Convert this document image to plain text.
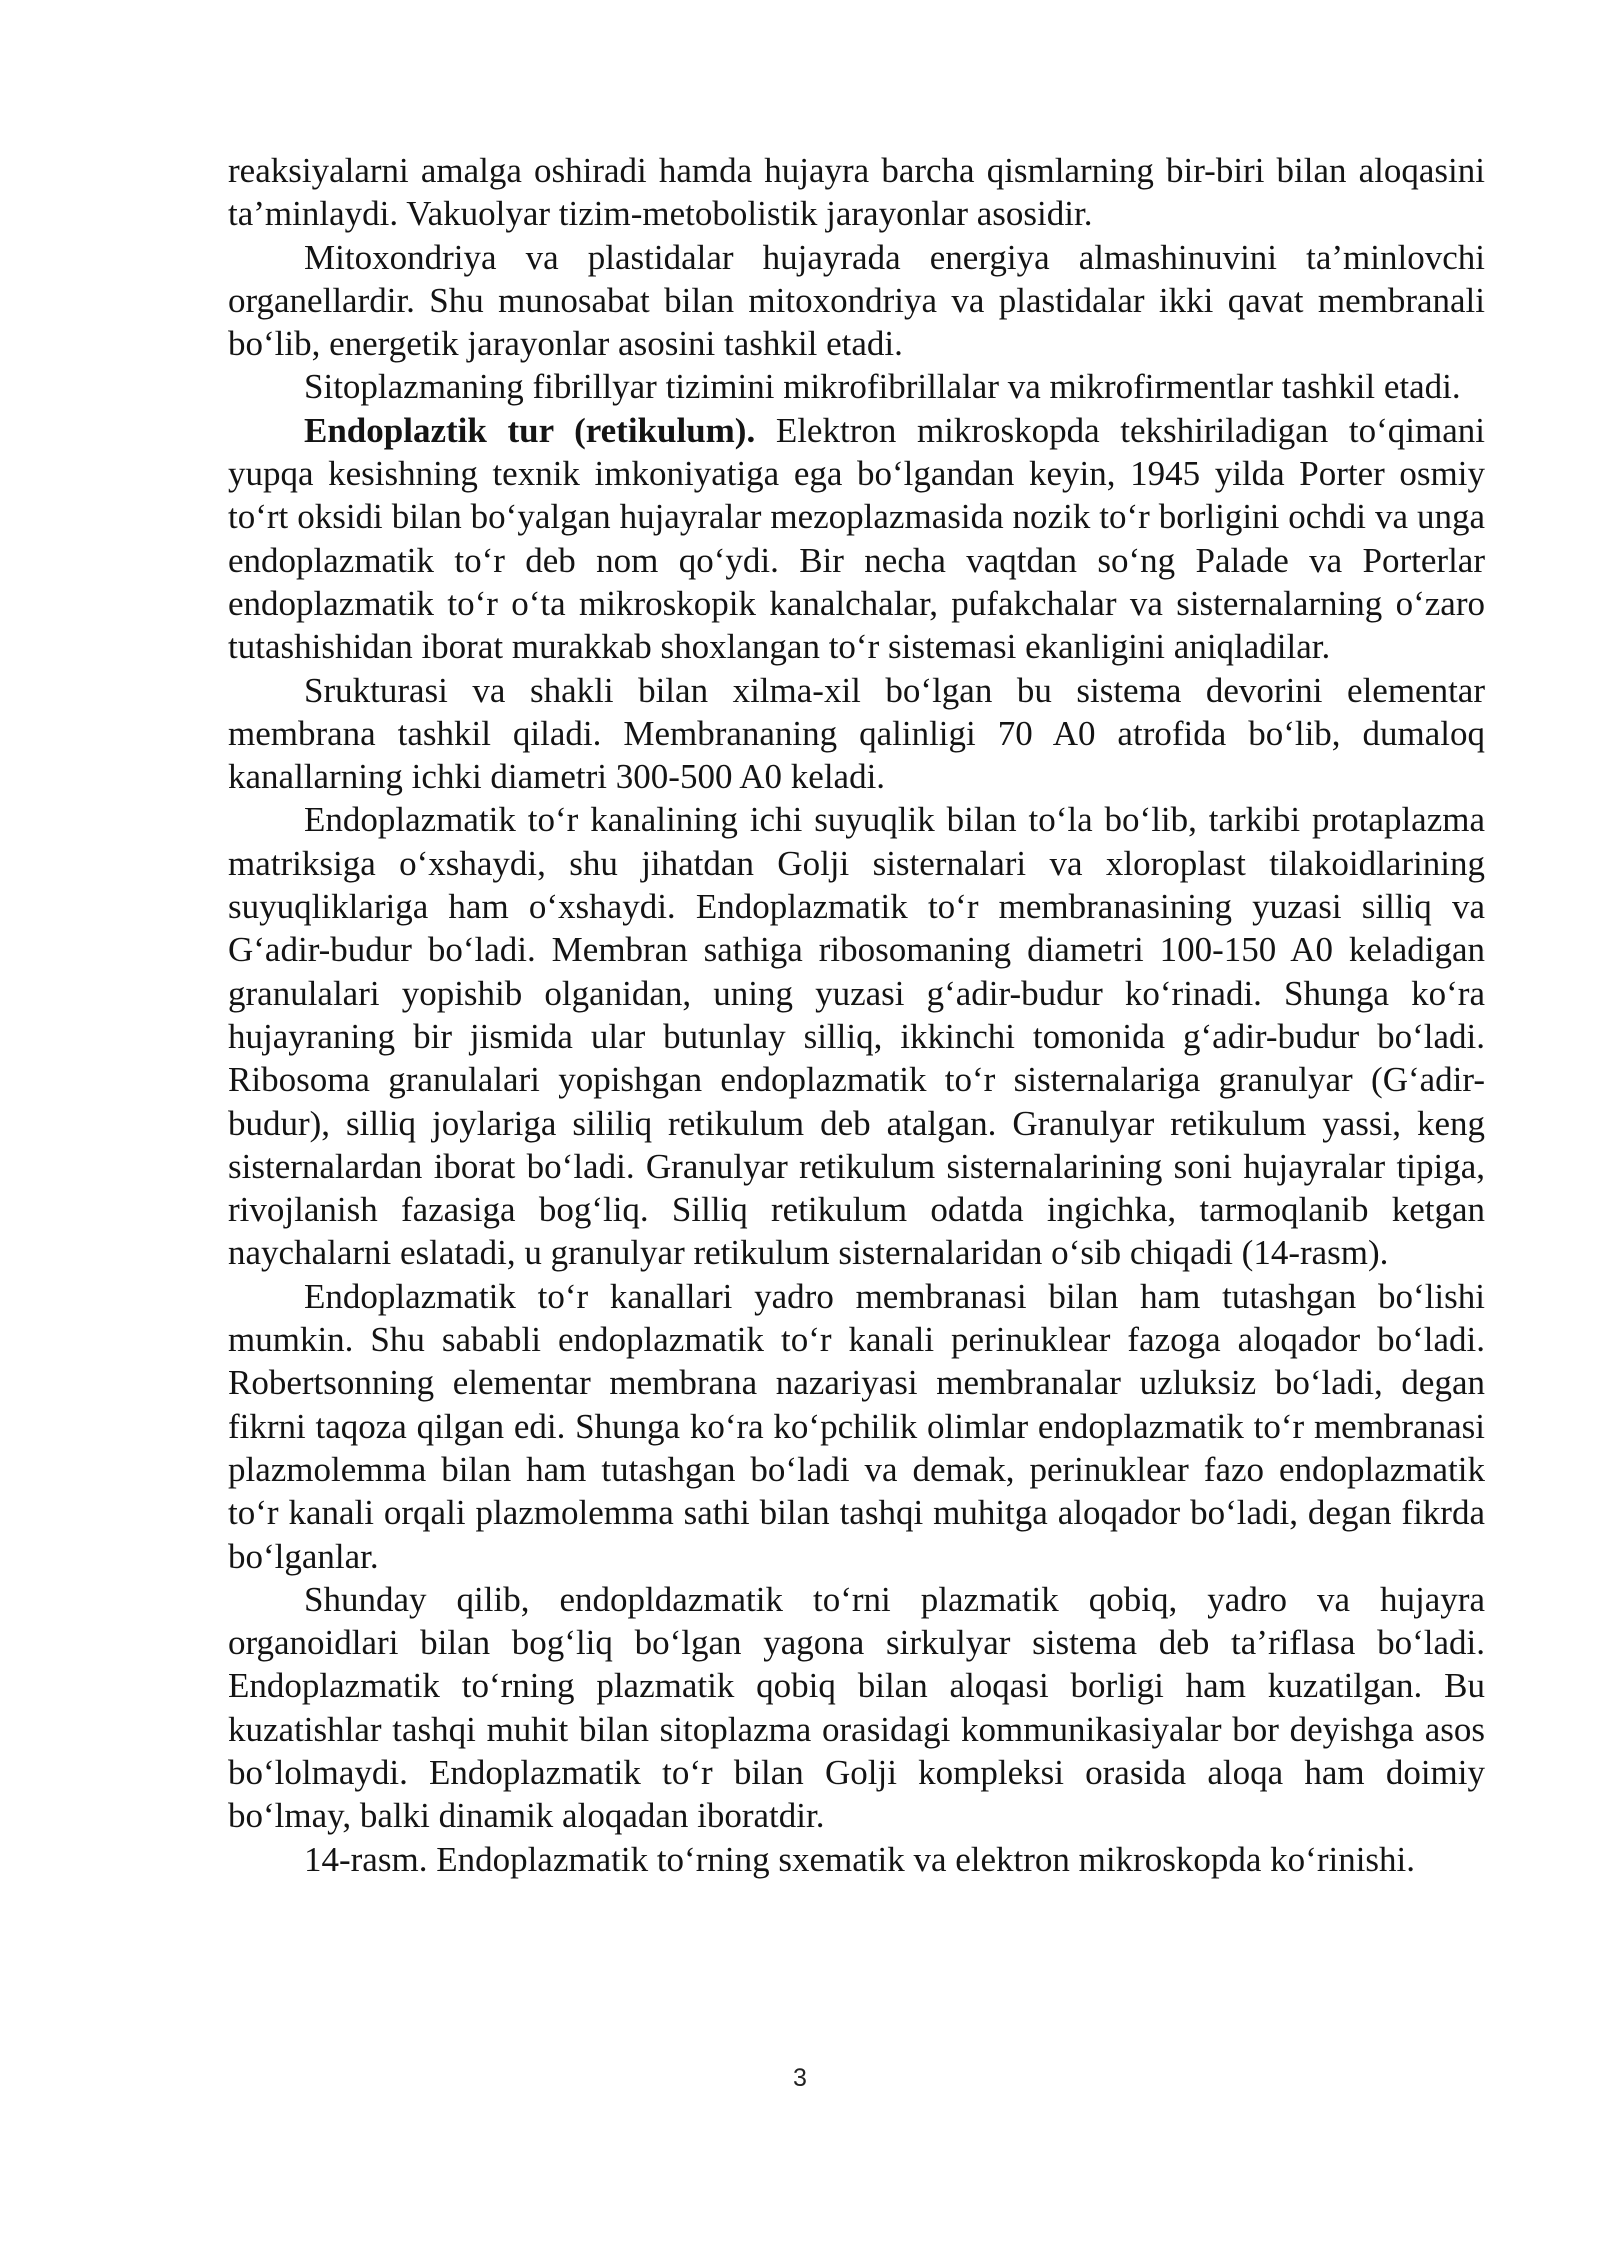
reaksiyalarni amalga oshiradi hamda hujayra barcha qismlarning bir-biri bilan aloqasini ta’minlaydi. Vakuolyar tizim-metobolistik jarayonlar asosidir.

Mitoxondriya va plastidalar hujayrada energiya almashinuvini ta’minlovchi organellardir. Shu munosabat bilan mitoxondriya va plastidalar ikki qavat membranali boʻlib, energetik jarayonlar asosini tashkil etadi.

Sitoplazmaning fibrillyar tizimini mikrofibrillalar va mikrofirmentlar tashkil etadi.

Endoplaztik tur (retikulum). Elektron mikroskopda tekshiriladigan toʻqimani yupqa kesishning texnik imkoniyatiga ega boʻlgandan keyin, 1945 yilda Porter osmiy toʻrt oksidi bilan boʻyalgan hujayralar mezoplazmasida nozik toʻr borligini ochdi va unga endoplazmatik toʻr deb nom qoʻydi. Bir necha vaqtdan soʻng Palade va Porterlar endoplazmatik toʻr oʻta mikroskopik kanalchalar, pufakchalar va sisternalarning oʻzaro tutashishidan iborat murakkab shoxlangan toʻr sistemasi ekanligini aniqladilar.

Srukturasi va shakli bilan xilma-xil boʻlgan bu sistema devorini elementar membrana tashkil qiladi. Membrananing qalinligi 70 A0 atrofida boʻlib, dumaloq kanallarning ichki diametri 300-500 A0 keladi.

Endoplazmatik toʻr kanalining ichi suyuqlik bilan toʻla boʻlib, tarkibi protaplazma matriksiga oʻxshaydi, shu jihatdan Golji sisternalari va xloroplast tilakoidlarining suyuqliklariga ham oʻxshaydi. Endoplazmatik toʻr membranasining yuzasi silliq va Gʻadir-budur boʻladi. Membran sathiga ribosomaning diametri 100-150 A0 keladigan granulalari yopishib olganidan, uning yuzasi gʻadir-budur koʻrinadi. Shunga koʻra hujayraning bir jismida ular butunlay silliq, ikkinchi tomonida gʻadir-budur boʻladi. Ribosoma granulalari yopishgan endoplazmatik toʻr sisternalariga granulyar (Gʻadir-budur), silliq joylariga sililiq retikulum deb atalgan. Granulyar retikulum yassi, keng sisternalardan iborat boʻladi. Granulyar retikulum sisternalarining soni hujayralar tipiga, rivojlanish fazasiga bogʻliq. Silliq retikulum odatda ingichka, tarmoqlanib ketgan naychalarni eslatadi, u granulyar retikulum sisternalaridan oʻsib chiqadi (14-rasm).

Endoplazmatik toʻr kanallari yadro membranasi bilan ham tutashgan boʻlishi mumkin. Shu sababli endoplazmatik toʻr kanali perinuklear fazoga aloqador boʻladi. Robertsonning elementar membrana nazariyasi membranalar uzluksiz boʻladi, degan fikrni taqoza qilgan edi. Shunga koʻra koʻpchilik olimlar endoplazmatik toʻr membranasi plazmolemma bilan ham tutashgan boʻladi va demak, perinuklear fazo endoplazmatik toʻr kanali orqali plazmolemma sathi bilan tashqi muhitga aloqador boʻladi, degan fikrda boʻlganlar.

Shunday qilib, endopldazmatik toʻrni plazmatik qobiq, yadro va hujayra organoidlari bilan bogʻliq boʻlgan yagona sirkulyar sistema deb ta’riflasa boʻladi. Endoplazmatik toʻrning plazmatik qobiq bilan aloqasi borligi ham kuzatilgan. Bu kuzatishlar tashqi muhit bilan sitoplazma orasidagi kommunikasiyalar bor deyishga asos boʻlolmaydi. Endoplazmatik toʻr bilan Golji kompleksi orasida aloqa ham doimiy boʻlmay, balki dinamik aloqadan iboratdir.

14-rasm. Endoplazmatik toʻrning sxematik va elektron mikroskopda koʻrinishi.

3
